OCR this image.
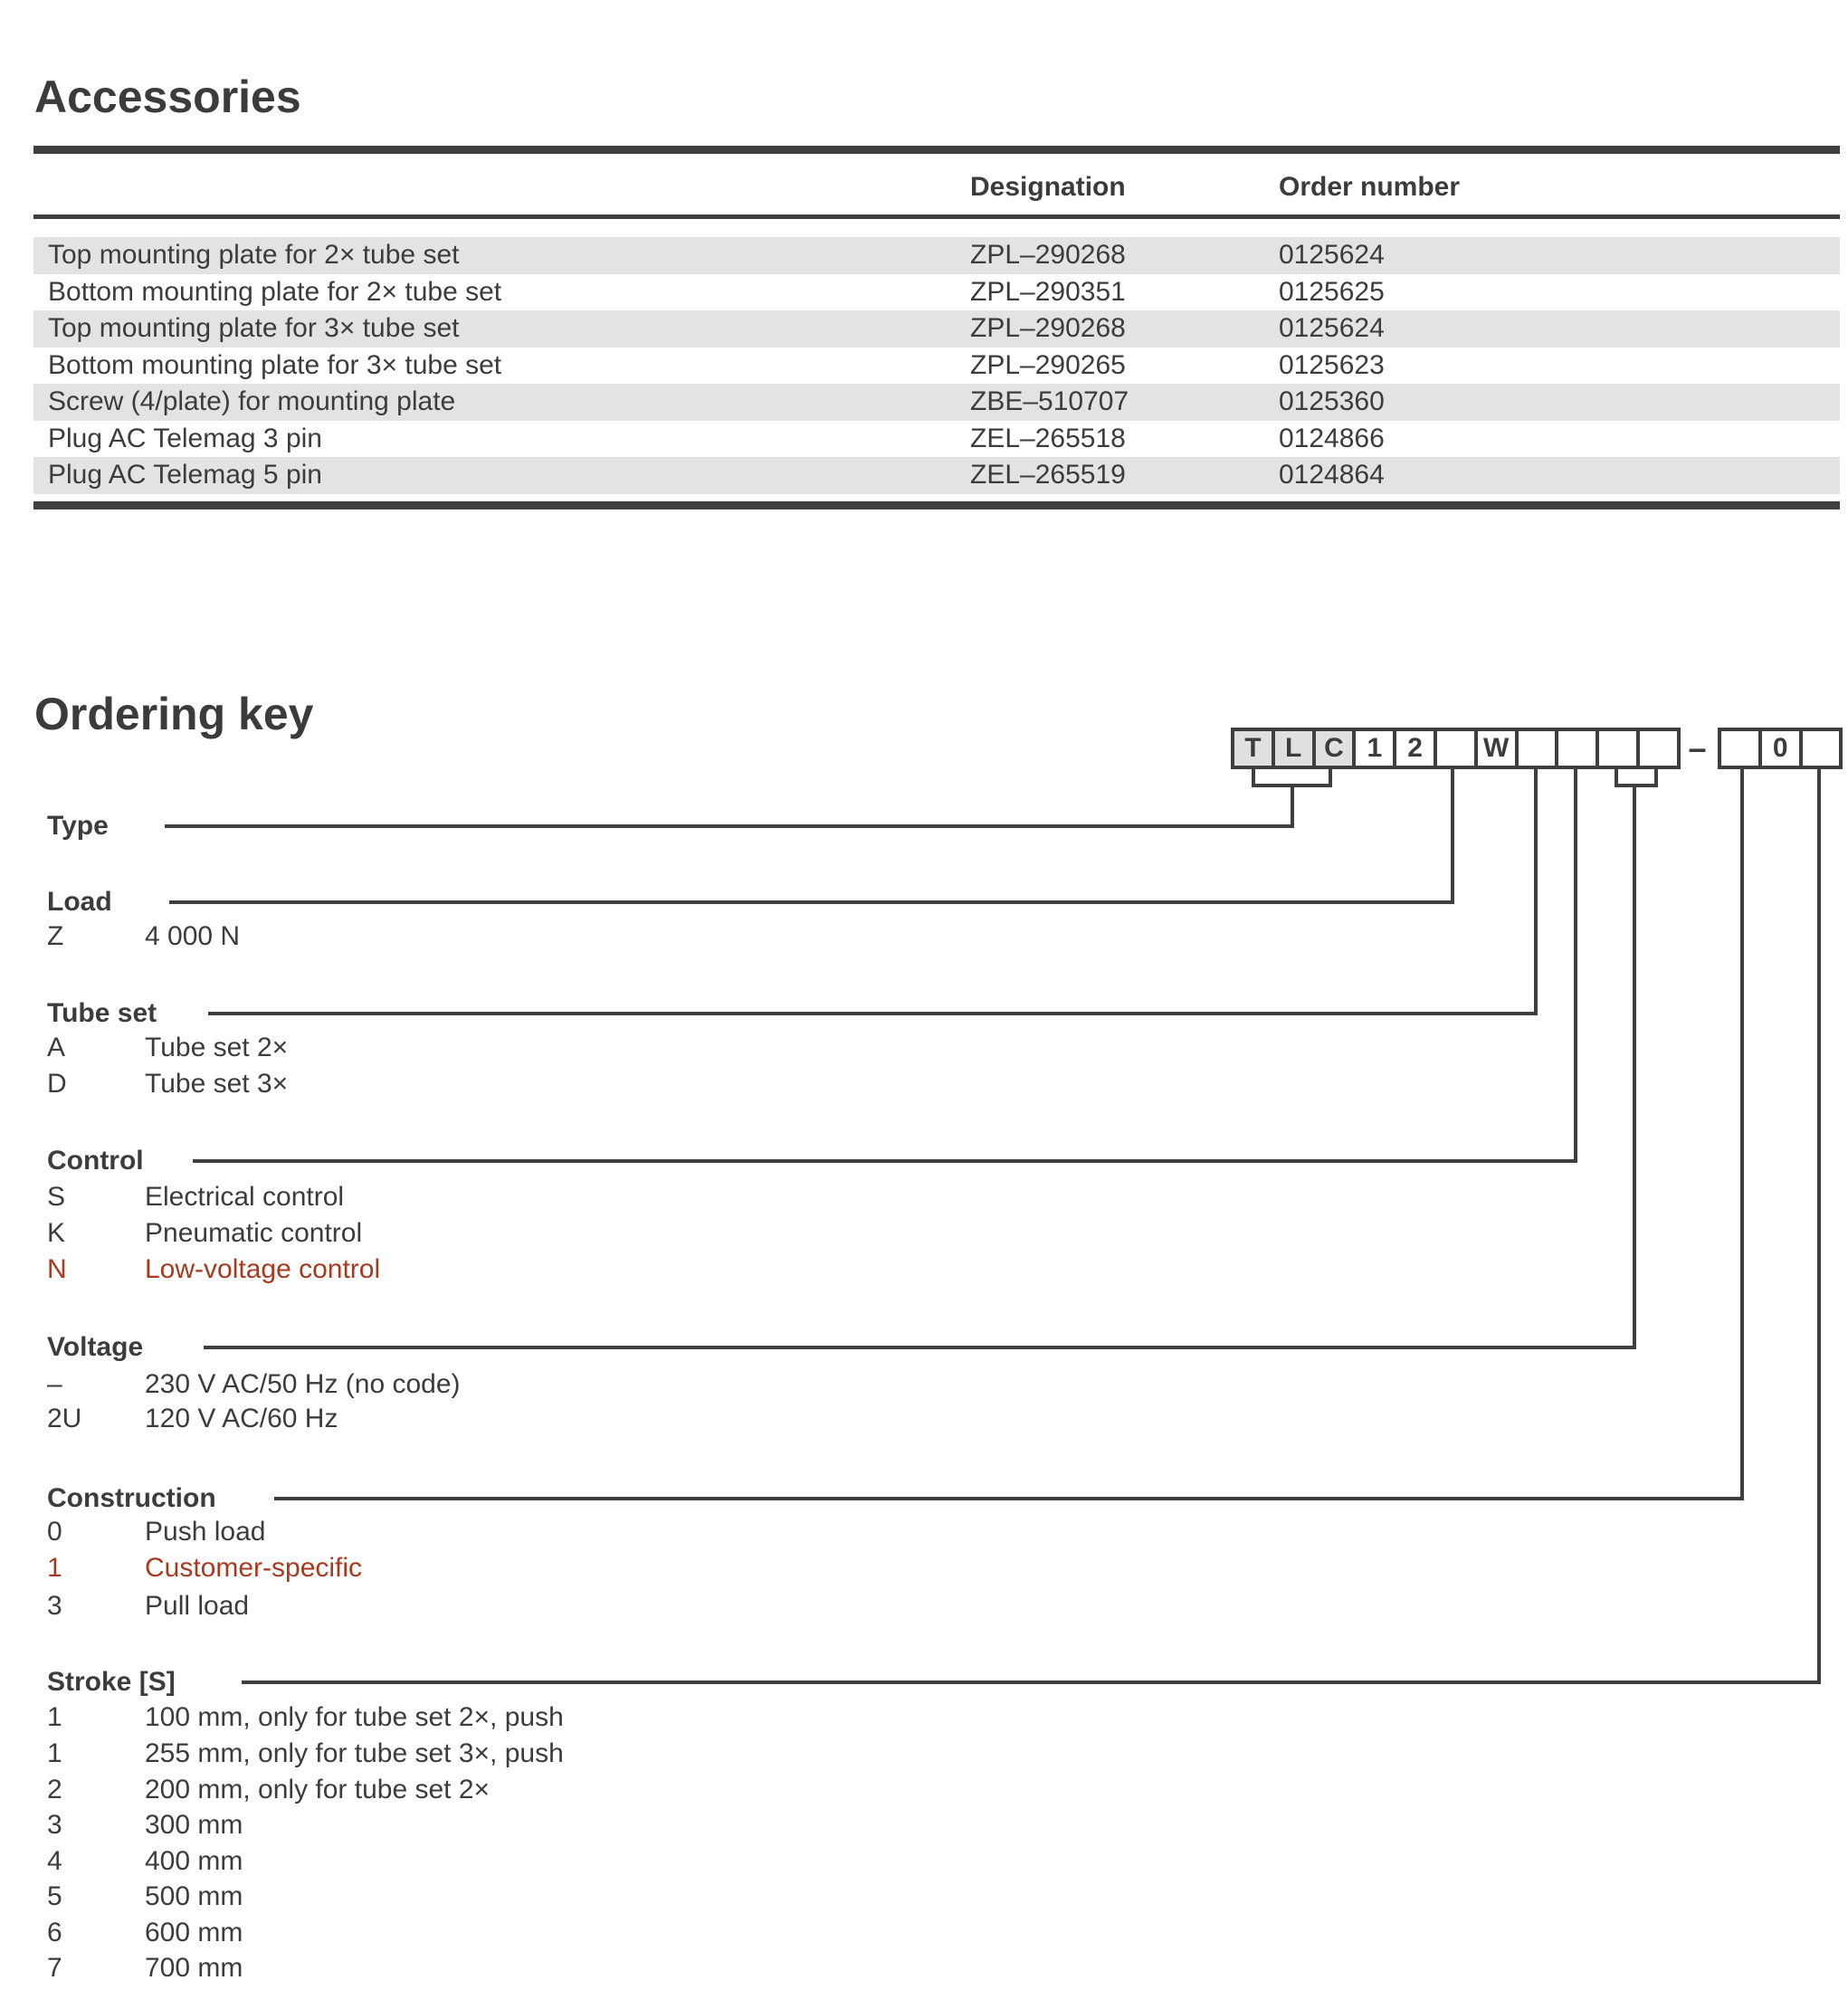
Accessories
Designation	Order number
Top mounting plate for 2× tube set	ZPL–290268	0125624
Bottom mounting plate for 2× tube set	ZPL–290351	0125625
Top mounting plate for 3× tube set	ZPL–290268	0125624
Bottom mounting plate for 3× tube set	ZPL–290265	0125623
Screw (4/plate) for mounting plate	ZBE–510707	0125360
Plug AC Telemag 3 pin	ZEL–265518	0124866
Plug AC Telemag 5 pin	ZEL–265519	0124864
Ordering key
T L C 1 2	W	–	0
Type
Load
Z	4 000 N
Tube set
A	Tube set 2×
D	Tube set 3×
Control
S	Electrical control
K	Pneumatic control
N	Low-voltage control
Voltage
–	230 V AC/50 Hz (no code)
2U 120 V AC/60 Hz
Construction
0	Push load
1	Customer-specific
3	Pull load
Stroke [S]
1	100 mm, only for tube set 2×, push
1	255 mm, only for tube set 3×, push
2	200 mm, only for tube set 2×
3	300 mm
4	400 mm
5	500 mm
6	600 mm
7	700 mm
